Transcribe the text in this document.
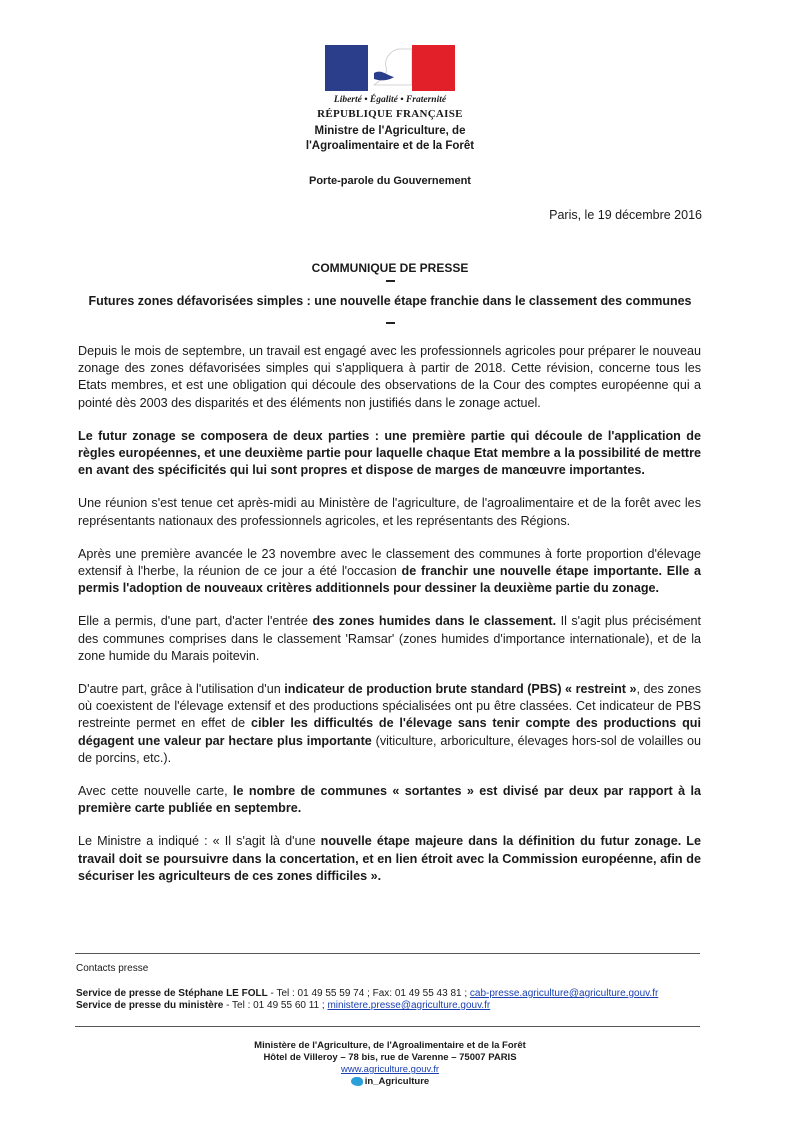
Liberté • Égalité • Fraternité
RÉPUBLIQUE FRANÇAISE
Ministre de l'Agriculture, de
l'Agroalimentaire et de la Forêt
Porte-parole du Gouvernement
Paris, le 19 décembre 2016
COMMUNIQUE DE PRESSE
Futures zones défavorisées simples : une nouvelle étape franchie dans le classement des communes

Depuis le mois de septembre, un travail est engagé avec les professionnels agricoles pour préparer le nouveau zonage des zones défavorisées simples qui s'appliquera à partir de 2018. Cette révision, concerne tous les Etats membres, et est une obligation qui découle des observations de la Cour des comptes européenne qui a pointé dès 2003 des disparités et des éléments non justifiés dans le zonage actuel.

Le futur zonage se composera de deux parties : une première partie qui découle de l'application de règles européennes, et une deuxième partie pour laquelle chaque Etat membre a la possibilité de mettre en avant des spécificités qui lui sont propres et dispose de marges de manœuvre importantes.

Une réunion s'est tenue cet après-midi au Ministère de l'agriculture, de l'agroalimentaire et de la forêt avec les représentants nationaux des professionnels agricoles, et les représentants des Régions.

Après une première avancée le 23 novembre avec le classement des communes à forte proportion d'élevage extensif à l'herbe, la réunion de ce jour a été l'occasion de franchir une nouvelle étape importante. Elle a permis l'adoption de nouveaux critères additionnels pour dessiner la deuxième partie du zonage.

Elle a permis, d'une part, d'acter l'entrée des zones humides dans le classement. Il s'agit plus précisément des communes comprises dans le classement 'Ramsar' (zones humides d'importance internationale), et de la zone humide du Marais poitevin.

D'autre part, grâce à l'utilisation d'un indicateur de production brute standard (PBS) « restreint », des zones où coexistent de l'élevage extensif et des productions spécialisées ont pu être classées. Cet indicateur de PBS restreinte permet en effet de cibler les difficultés de l'élevage sans tenir compte des productions qui dégagent une valeur par hectare plus importante (viticulture, arboriculture, élevages hors-sol de volailles ou de porcins, etc.).

Avec cette nouvelle carte, le nombre de communes « sortantes » est divisé par deux par rapport à la première carte publiée en septembre.

Le Ministre a indiqué : « Il s'agit là d'une nouvelle étape majeure dans la définition du futur zonage. Le travail doit se poursuivre dans la concertation, et en lien étroit avec la Commission européenne, afin de sécuriser les agriculteurs de ces zones difficiles ».

Contacts presse
Service de presse de Stéphane LE FOLL - Tel : 01 49 55 59 74 ; Fax: 01 49 55 43 81 ; cab-presse.agriculture@agriculture.gouv.fr
Service de presse du ministère - Tel : 01 49 55 60 11 ; ministere.presse@agriculture.gouv.fr
Ministère de l'Agriculture, de l'Agroalimentaire et de la Forêt
Hôtel de Villeroy – 78 bis, rue de Varenne – 75007 PARIS
www.agriculture.gouv.fr
in_Agriculture
